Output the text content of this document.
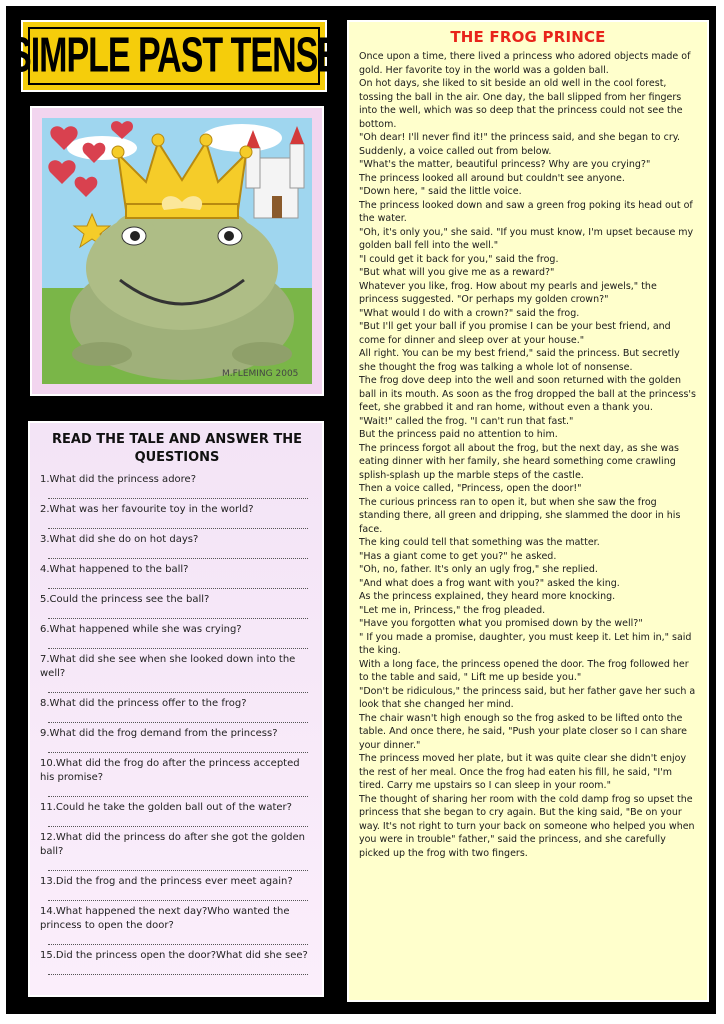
SIMPLE PAST TENSE
M.FLEMING 2005
READ THE TALE AND ANSWER THE QUESTIONS
1.What did the princess adore?
2.What was her favourite toy in the world?
3.What did she do on hot days?
4.What happened to the ball?
5.Could the princess see the ball?
6.What happened while she was crying?
7.What did she see when she looked down into the well?
8.What did the princess offer to the frog?
9.What did the frog demand from the princess?
10.What did the frog do after the princess accepted his promise?
11.Could he take the golden ball out of the water?
12.What did the princess do after she got the golden ball?
13.Did the frog and the princess ever meet again?
14.What happened the next day?Who wanted the princess to open the door?
15.Did the princess open the door?What did she see?
THE FROG PRINCE

Once upon a time, there lived a princess who adored objects made of gold. Her favorite toy in the world was a golden ball.

On hot days, she liked to sit beside an old well in the cool forest, tossing the ball in the air. One day, the ball slipped from her fingers into the well, which was so deep that the princess could not see the bottom.

"Oh dear! I'll never find it!" the princess said, and she began to cry.

Suddenly, a voice called out from below.

"What's the matter, beautiful princess? Why are you crying?"

The princess looked all around but couldn't see anyone.

"Down here, " said the little voice.

The princess looked down and saw a green frog poking its head out of the water.

"Oh, it's only you," she said. "If you must know, I'm upset because my golden ball fell into the well."

"I could get it back for you," said the frog.

"But what will you give me as a reward?"

Whatever you like, frog. How about my pearls and jewels," the princess suggested. "Or perhaps my golden crown?"

"What would I do with a crown?" said the frog.

"But I'll get your ball if you promise I can be your best friend, and come for dinner and sleep over at your house."

All right. You can be my best friend," said the princess. But secretly she thought the frog was talking a whole lot of nonsense.

The frog dove deep into the well and soon returned with the golden ball in its mouth. As soon as the frog dropped the ball at the princess's feet, she grabbed it and ran home, without even a thank you.

"Wait!" called the frog. "I can't run that fast."

But the princess paid no attention to him.

The princess forgot all about the frog, but the next day, as she was eating dinner with her family, she heard something come crawling splish-splash up the marble steps of the castle.

Then a voice called, "Princess, open the door!"

The curious princess ran to open it, but when she saw the frog standing there, all green and dripping, she slammed the door in his face.

The king could tell that something was the matter.

"Has a giant come to get you?" he asked.

"Oh, no, father. It's only an ugly frog," she replied.

"And what does a frog want with you?" asked the king.

As the princess explained, they heard more knocking.

"Let me in, Princess," the frog pleaded.

"Have you forgotten what you promised down by the well?"

" If you made a promise, daughter, you must keep it. Let him in," said the king.

With a long face, the princess opened the door. The frog followed her to the table and said, " Lift me up beside you."

"Don't be ridiculous," the princess said, but her father gave her such a look that she changed her mind.

The chair wasn't high enough so the frog asked to be lifted onto the table. And once there, he said, "Push your plate closer so I can share your dinner."

The princess moved her plate, but it was quite clear she didn't enjoy the rest of her meal. Once the frog had eaten his fill, he said, "I'm tired. Carry me upstairs so I can sleep in your room."

The thought of sharing her room with the cold damp frog so upset the princess that she began to cry again. But the king said, "Be on your way. It's not right to turn your back on someone who helped you when you were in trouble" father," said the princess, and she carefully picked up the frog with two fingers.
